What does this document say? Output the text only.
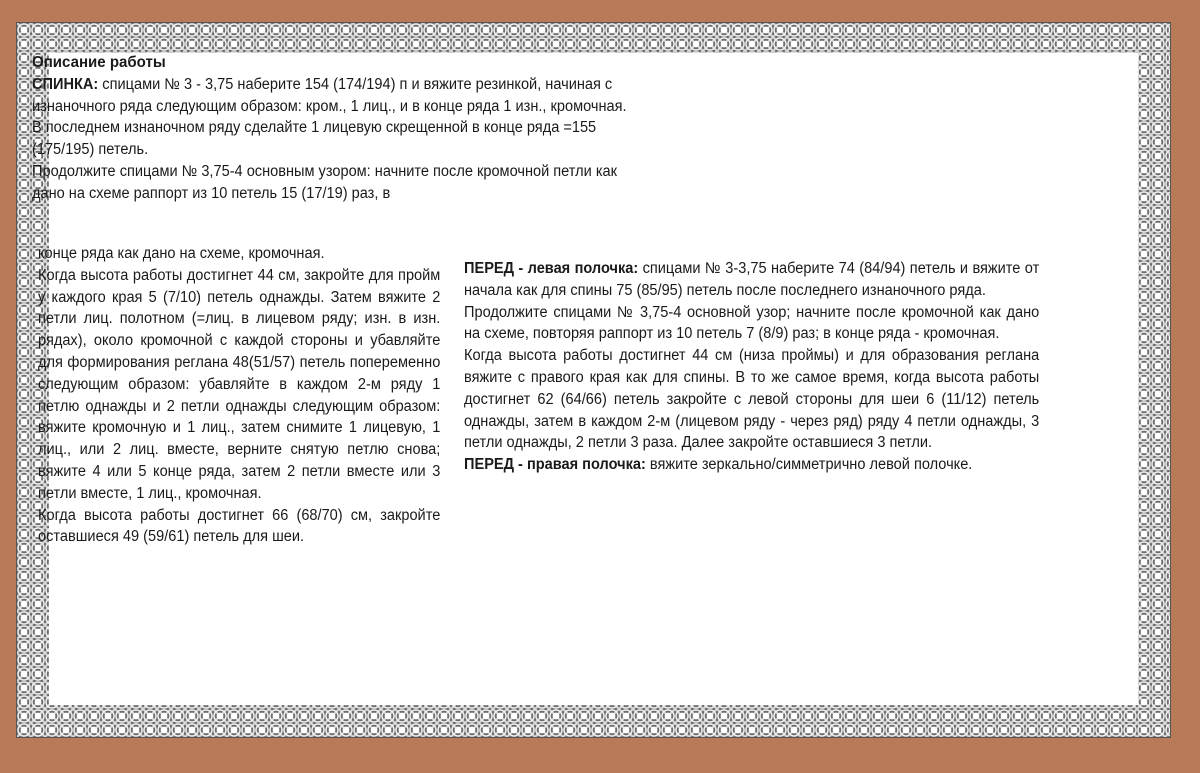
Описание работы

СПИНКА: спицами № 3 - 3,75 наберите 154 (174/194) п и вяжите резинкой, начиная с изнаночного ряда следующим образом: кром., 1 лиц., и в конце ряда 1 изн., кромочная. В последнем изнаночном ряду сделайте 1 лицевую скрещенной в конце ряда =155 (175/195) петель.

Продолжите спицами № 3,75-4 основным узором: начните после кромочной петли как дано на схеме раппорт из 10 петель 15 (17/19) раз, в

конце ряда как дано на схеме, кромочная.

Когда высота работы достигнет 44 см, закройте для пройм у каждого края 5 (7/10) петель однажды. Затем вяжите 2 петли лиц. полотном (=лиц. в лицевом ряду; изн. в изн. рядах), около кромочной с каждой стороны и убавляйте для формирования реглана 48(51/57) петель попеременно следующим образом: убавляйте в каждом 2-м ряду 1 петлю однажды и 2 петли однажды следующим образом: вяжите кромочную и 1 лиц., затем снимите 1 лицевую, 1 лиц., или 2 лиц. вместе, верните снятую петлю снова; вяжите 4 или 5 конце ряда, затем 2 петли вместе или 3 петли вместе, 1 лиц., кромочная.

Когда высота работы достигнет 66 (68/70) см, закройте оставшиеся 49 (59/61) петель для шеи.

ПЕРЕД - левая полочка: спицами № 3-3,75 наберите 74 (84/94) петель и вяжите от начала как для спины 75 (85/95) петель после последнего изнаночного ряда.

Продолжите спицами № 3,75-4 основной узор; начните после кромочной как дано на схеме, повторяя раппорт из 10 петель 7 (8/9) раз; в конце ряда - кромочная.

Когда высота работы достигнет 44 см (низа проймы) и для образования реглана вяжите с правого края как для спины. В то же самое время, когда высота работы достигнет 62 (64/66) петель закройте с левой стороны для шеи 6 (11/12) петель однажды, затем в каждом 2-м (лицевом ряду - через ряд) ряду 4 петли однажды, 3 петли однажды, 2 петли 3 раза. Далее закройте оставшиеся 3 петли.

ПЕРЕД - правая полочка: вяжите зеркально/симметрично левой полочке.
